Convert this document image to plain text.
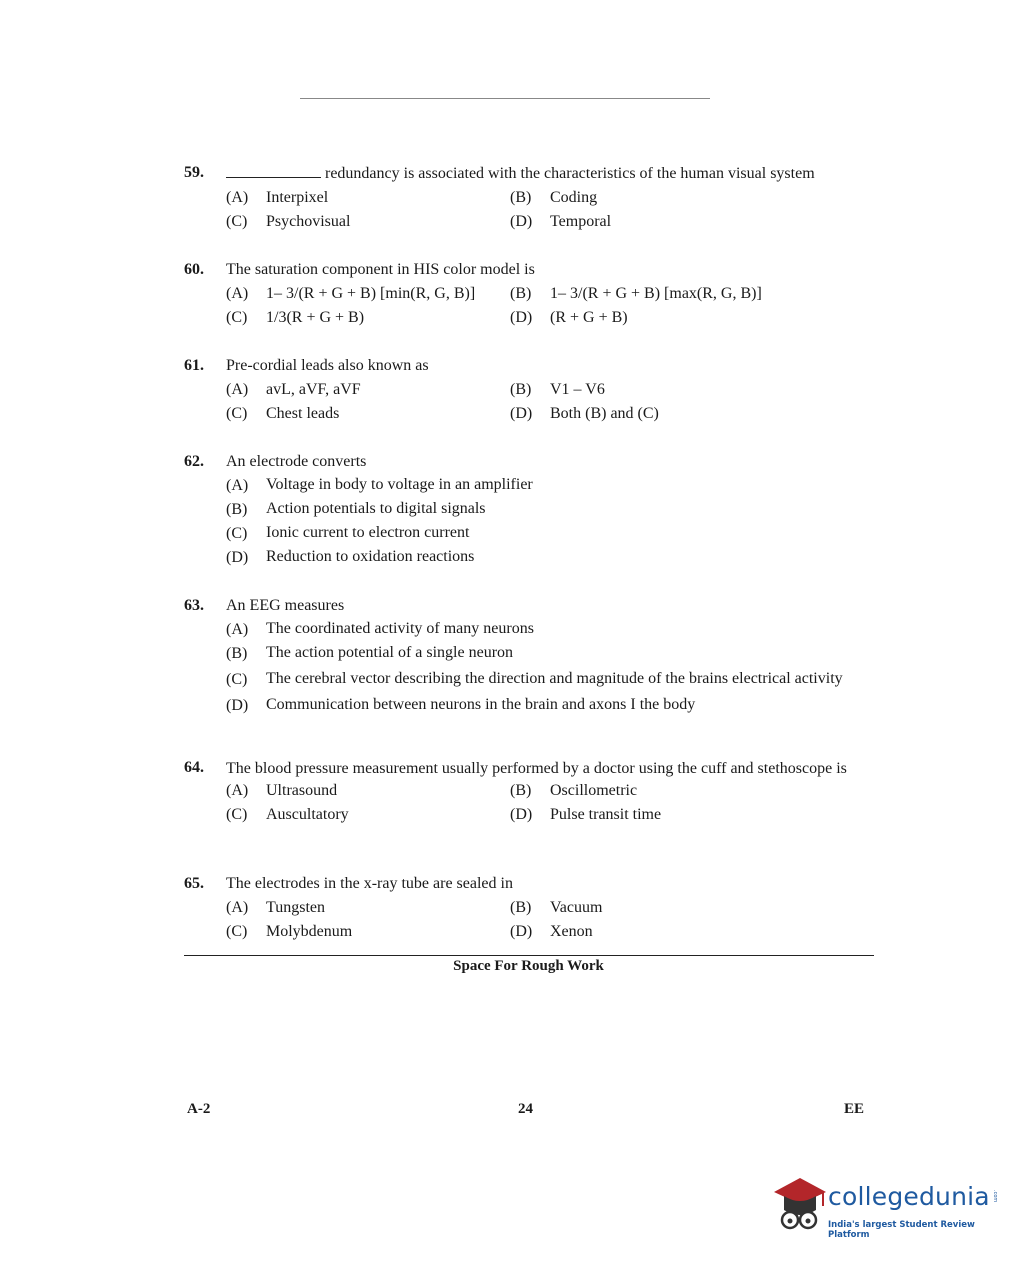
59.	redundancy is associated with the characteristics of the human visual system
(A) Interpixel	(B) Coding
(C) Psychovisual	(D) Temporal
60. The saturation component in HIS color model is
(A) 1– 3/(R + G + B) [min(R, G, B)] (B) 1– 3/(R + G + B) [max(R, G, B)]
(C) 1/3(R + G + B)	(D) (R + G + B)
61. Pre-cordial leads also known as
(A) avL, aVF, aVF	(B) V1 – V6
(C) Chest leads	(D) Both (B) and (C)
62. An electrode converts
(A)	Voltage in body to voltage in an amplifier
(B)	Action potentials to digital signals
(C)	Ionic current to electron current
(D)	Reduction to oxidation reactions
63. An EEG measures
(A)	The coordinated activity of many neurons
(B)	The action potential of a single neuron
(C)	The cerebral vector describing the direction and magnitude of the brains electrical activity
(D)	Communication between neurons in the brain and axons I the body
64. The blood pressure measurement usually performed by a doctor using the cuff and stethoscope is
(A) Ultrasound	(B) Oscillometric
(C) Auscultatory	(D) Pulse transit time
65. The electrodes in the x-ray tube are sealed in
(A) Tungsten	(B) Vacuum
(C) Molybdenum	(D) Xenon
Space For Rough Work
A-2	24	EE
collegedunia .com
India's largest Student Review Platform
